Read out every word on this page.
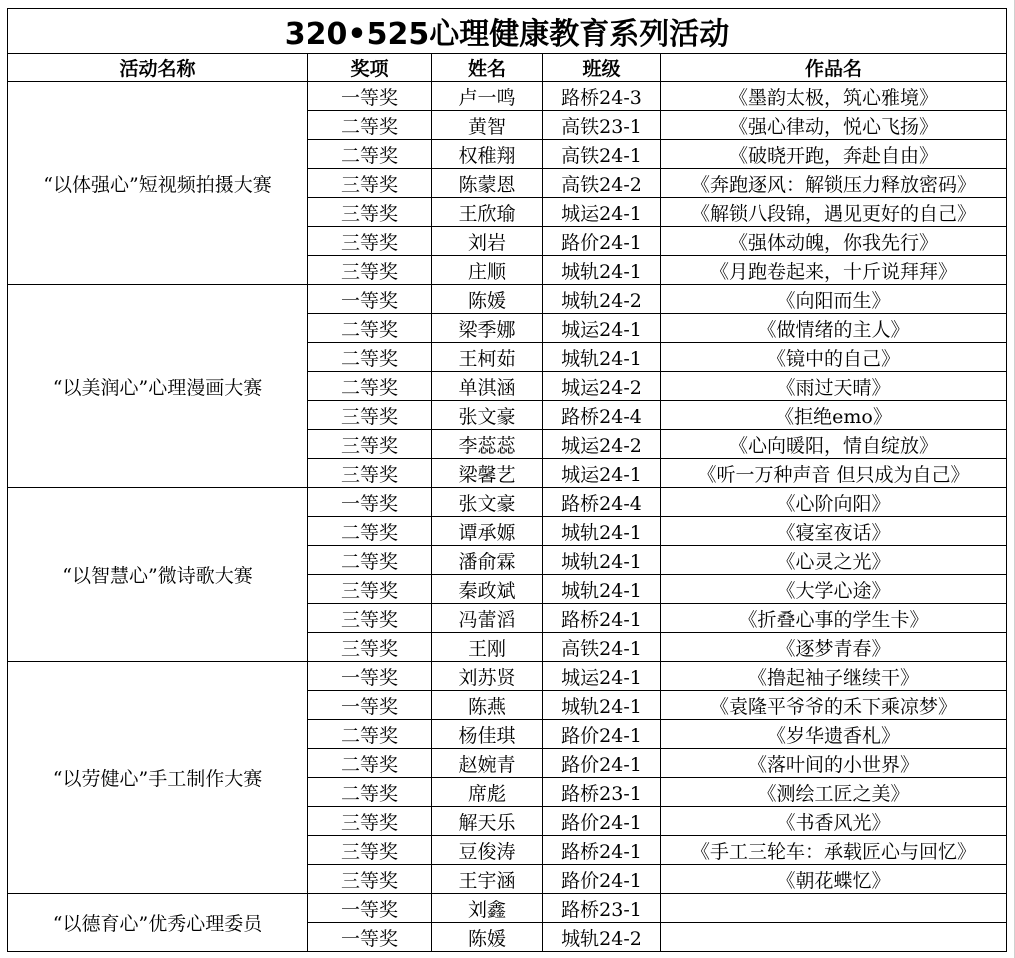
320•525心理健康教育系列活动				
活动名称	奖项	姓名	班级	作品名
“以体强心”短视频拍摄大赛	一等奖	卢一鸣	路桥24-3	《墨韵太极，筑心雅境》
	二等奖	黄智	高铁23-1	《强心律动，悦心飞扬》
	二等奖	权稚翔	高铁24-1	《破晓开跑，奔赴自由》
	三等奖	陈蒙恩	高铁24-2	《奔跑逐风：解锁压力释放密码》
	三等奖	王欣瑜	城运24-1	《解锁八段锦，遇见更好的自己》
	三等奖	刘岩	路价24-1	《强体动魄，你我先行》
	三等奖	庄顺	城轨24-1	《月跑卷起来，十斤说拜拜》
“以美润心”心理漫画大赛	一等奖	陈媛	城轨24-2	《向阳而生》
	二等奖	梁季娜	城运24-1	《做情绪的主人》
	二等奖	王柯茹	城轨24-1	《镜中的自己》
	二等奖	单淇涵	城运24-2	《雨过天晴》
	三等奖	张文豪	路桥24-4	《拒绝emo》
	三等奖	李蕊蕊	城运24-2	《心向暖阳，情自绽放》
	三等奖	梁馨艺	城运24-1	《听一万种声音 但只成为自己》
“以智慧心”微诗歌大赛	一等奖	张文豪	路桥24-4	《心阶向阳》
	二等奖	谭承嫄	城轨24-1	《寝室夜话》
	二等奖	潘俞霖	城轨24-1	《心灵之光》
	三等奖	秦政斌	城轨24-1	《大学心途》
	三等奖	冯蕾滔	路桥24-1	《折叠心事的学生卡》
	三等奖	王刚	高铁24-1	《逐梦青春》
“以劳健心”手工制作大赛	一等奖	刘苏贤	城运24-1	《撸起袖子继续干》
	一等奖	陈燕	城轨24-1	《袁隆平爷爷的禾下乘凉梦》
	二等奖	杨佳琪	路价24-1	《岁华遗香札》
	二等奖	赵婉青	路价24-1	《落叶间的小世界》
	二等奖	席彪	路桥23-1	《测绘工匠之美》
	三等奖	解天乐	路价24-1	《书香风光》
	三等奖	豆俊涛	路桥24-1	《手工三轮车：承载匠心与回忆》
	三等奖	王宇涵	路价24-1	《朝花蝶忆》
“以德育心”优秀心理委员	一等奖	刘鑫	路桥23-1	
	一等奖	陈媛	城轨24-2	
